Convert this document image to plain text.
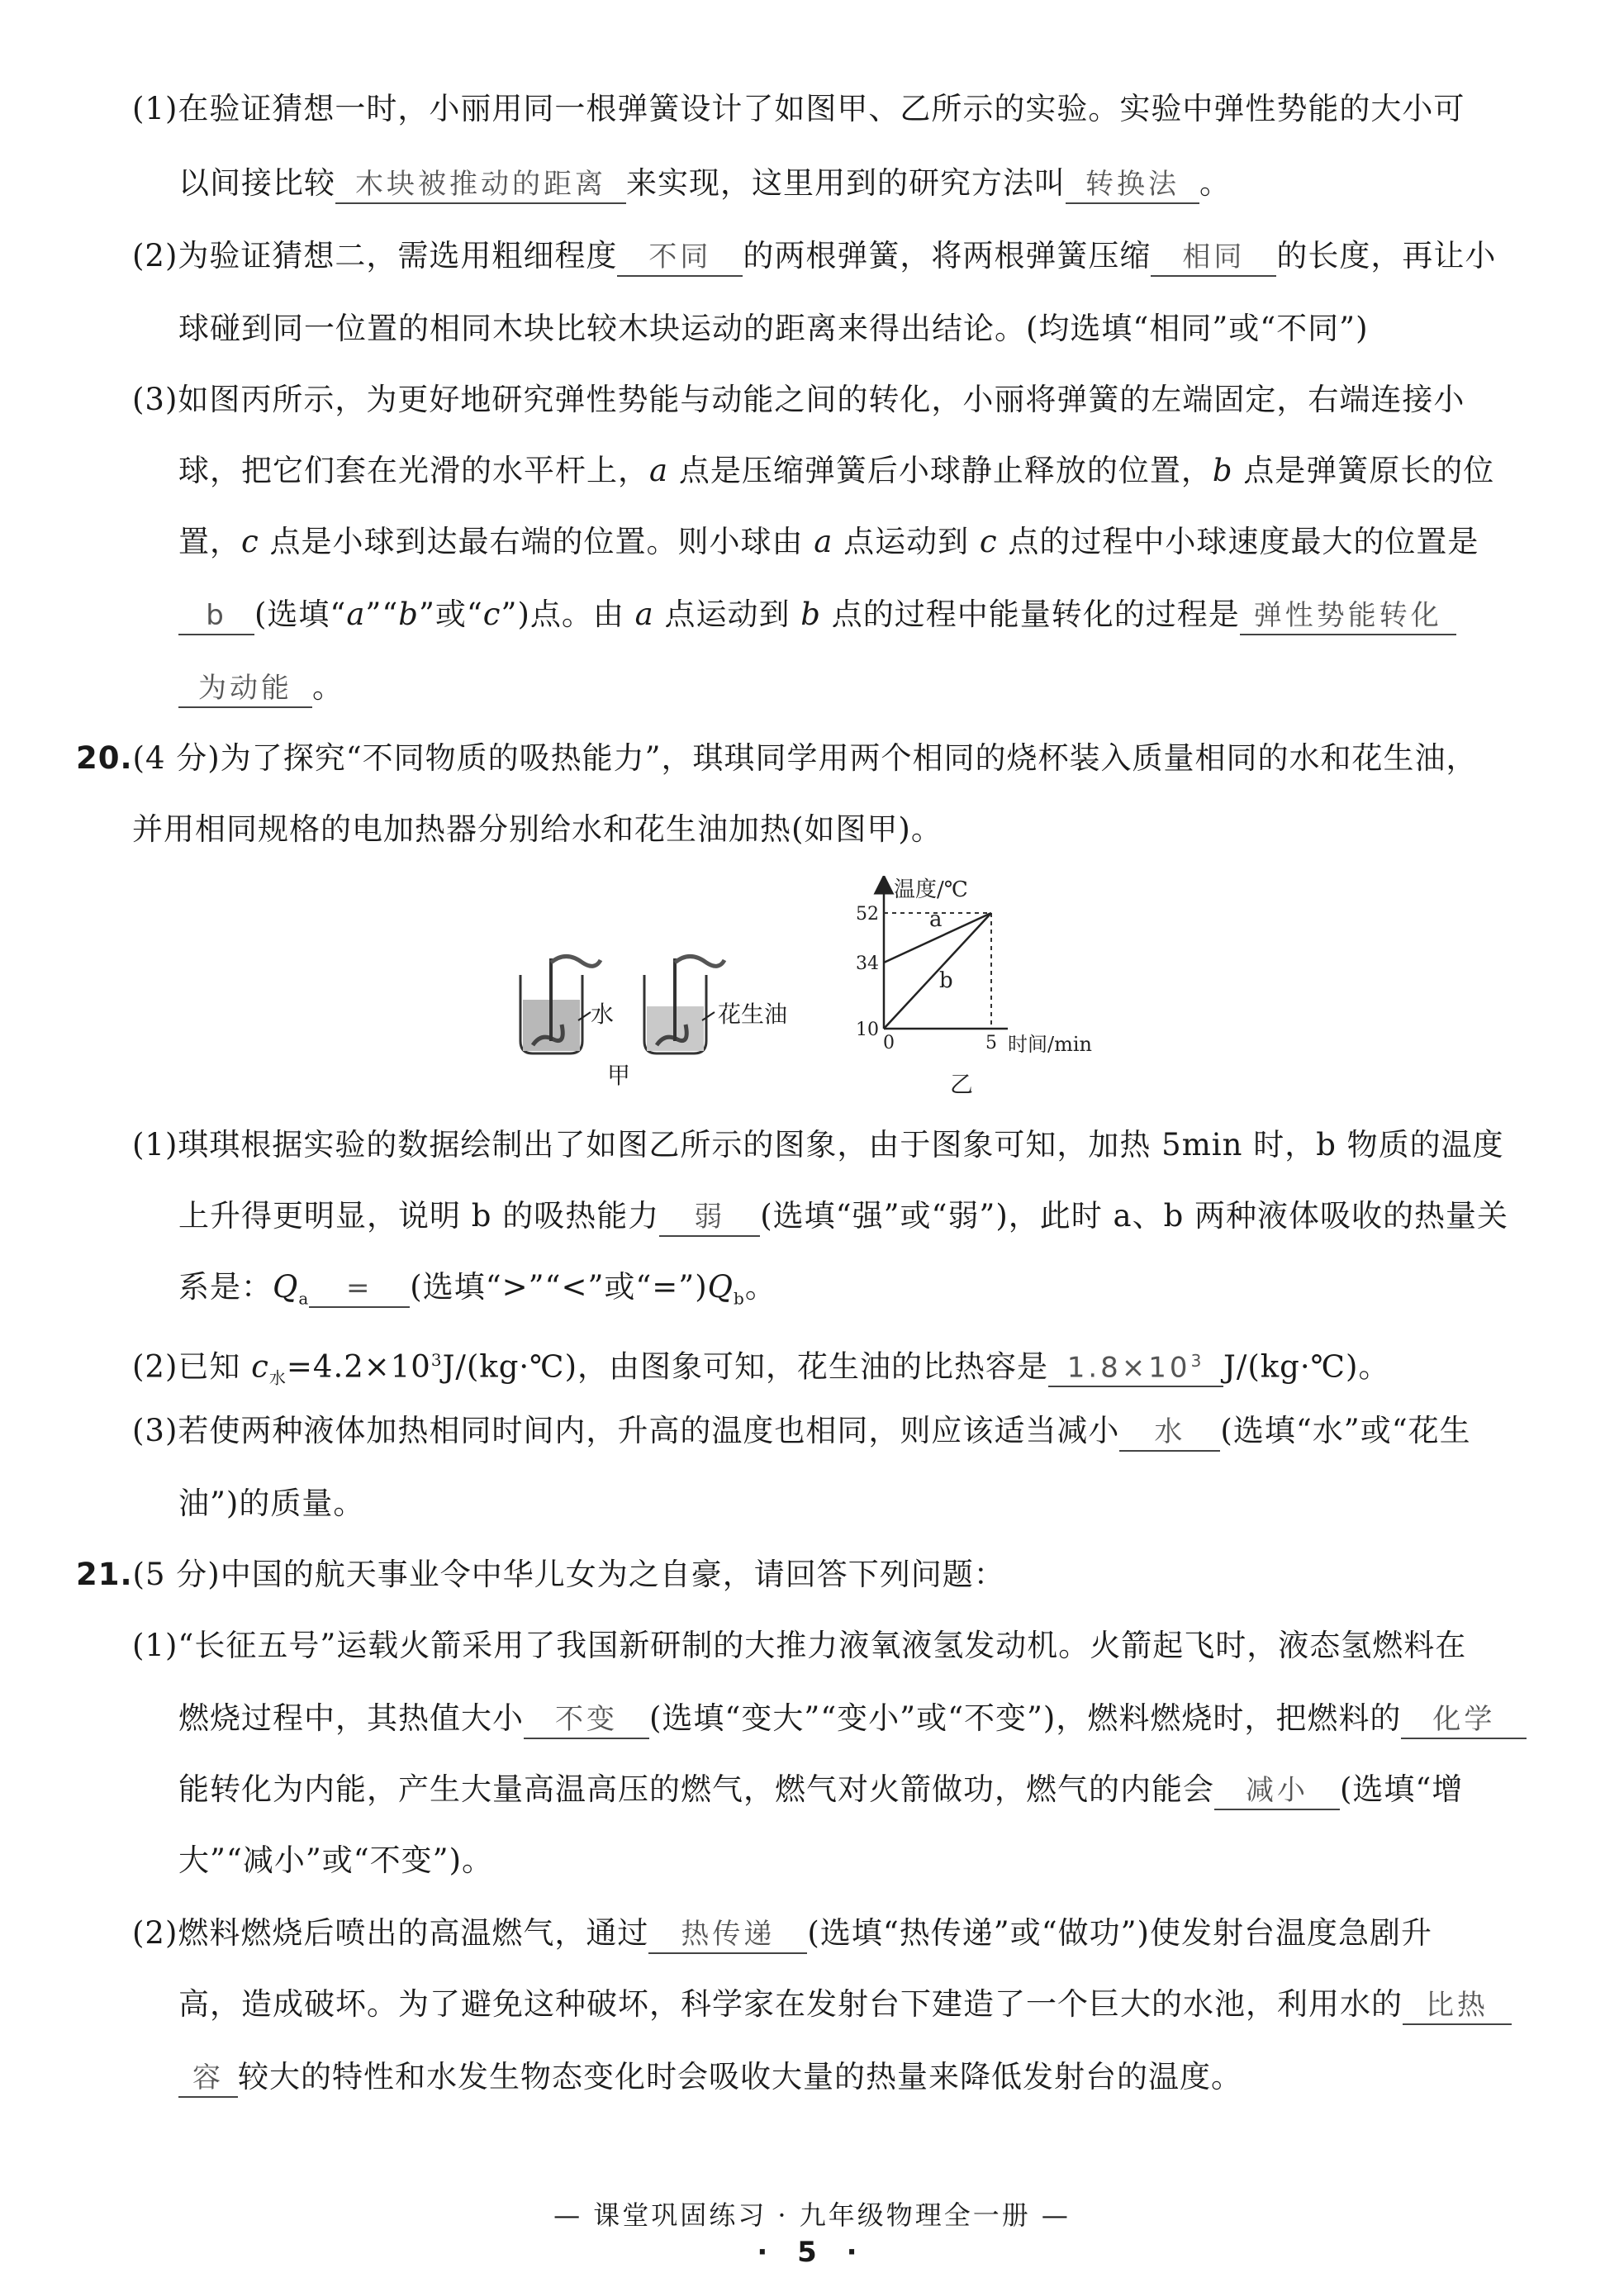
(1)在验证猜想一时，小丽用同一根弹簧设计了如图甲、乙所示的实验。实验中弹性势能的大小可
以间接比较 木块被推动的距离 来实现，这里用到的研究方法叫 转换法 。
(2)为验证猜想二，需选用粗细程度 不同 的两根弹簧，将两根弹簧压缩 相同 的长度，再让小
球碰到同一位置的相同木块比较木块运动的距离来得出结论。(均选填“相同”或“不同”)
(3)如图丙所示，为更好地研究弹性势能与动能之间的转化，小丽将弹簧的左端固定，右端连接小
球，把它们套在光滑的水平杆上，a 点是压缩弹簧后小球静止释放的位置，b 点是弹簧原长的位
置，c 点是小球到达最右端的位置。则小球由 a 点运动到 c 点的过程中小球速度最大的位置是
b (选填“a”“b”或“c”)点。由 a 点运动到 b 点的过程中能量转化的过程是 弹性势能转化
为动能 。
20.(4 分)为了探究“不同物质的吸热能力”，琪琪同学用两个相同的烧杯装入质量相同的水和花生油，
并用相同规格的电加热器分别给水和花生油加热(如图甲)。
水	花生油
甲
a
b
10
34
52
0	5
温度/℃
时间/min
乙
(1)琪琪根据实验的数据绘制出了如图乙所示的图象，由于图象可知，加热 5min 时，b 物质的温度
上升得更明显，说明 b 的吸热能力 弱 (选填“强”或“弱”)，此时 a、b 两种液体吸收的热量关
系是：$Q_a$ = (选填“>”“<”或“$=”)Q_b$。
(2)已知 $c_水=4.2\times 10^3J/(kg\cdot℃)$，由图象可知，花生油的比热容是 $1.8\times 10^3$ J/(kg·℃)。
(3)若使两种液体加热相同时间内，升高的温度也相同，则应该适当减小 水 (选填“水”或“花生
油”)的质量。
21.(5 分)中国的航天事业令中华儿女为之自豪，请回答下列问题：
(1)“长征五号”运载火箭采用了我国新研制的大推力液氧液氢发动机。火箭起飞时，液态氢燃料在
燃烧过程中，其热值大小 不变 (选填“变大”“变小”或“不变”)，燃料燃烧时，把燃料的 化学
能转化为内能，产生大量高温高压的燃气，燃气对火箭做功，燃气的内能会 减小 (选填“增
大”“减小”或“不变”)。
(2)燃料燃烧后喷出的高温燃气，通过 热传递 (选填“热传递”或“做功”)使发射台温度急剧升
高，造成破坏。为了避免这种破坏，科学家在发射台下建造了一个巨大的水池，利用水的 比热
容 较大的特性和水发生物态变化时会吸收大量的热量来降低发射台的温度。
— 课堂巩固练习 · 九年级物理全一册 —
· 5 ·
